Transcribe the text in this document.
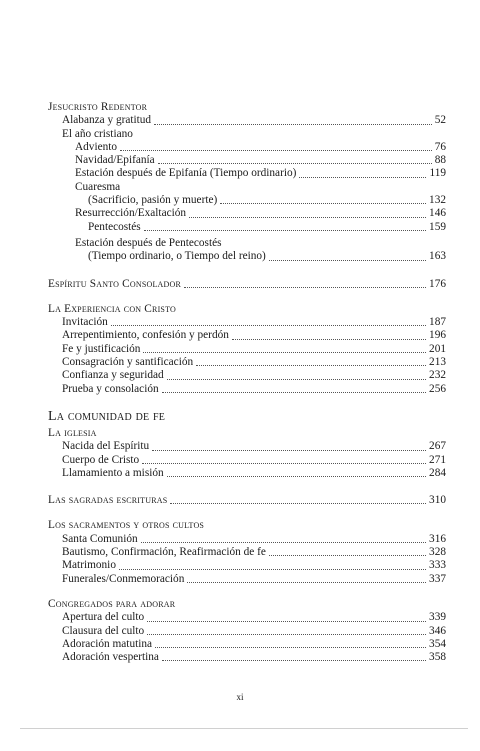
Jesucristo Redentor
Alabanza y gratitud	52
El año cristiano
Adviento	76
Navidad/Epifanía	88
Estación después de Epifanía (Tiempo ordinario)	119
Cuaresma
(Sacrificio, pasión y muerte)	132
Resurrección/Exaltación	146
Pentecostés	159
Estación después de Pentecostés
(Tiempo ordinario, o Tiempo del reino)	163
Espíritu Santo Consolador	176
La Experiencia con Cristo
Invitación	187
Arrepentimiento, confesión y perdón	196
Fe y justificación	201
Consagración y santificación	213
Confianza y seguridad	232
Prueba y consolación	256
La comunidad de fe
La iglesia
Nacida del Espíritu	267
Cuerpo de Cristo	271
Llamamiento a misión	284
Las sagradas escrituras	310
Los sacramentos y otros cultos
Santa Comunión	316
Bautismo, Confirmación, Reafirmación de fe	328
Matrimonio	333
Funerales/Conmemoración	337
Congregados para adorar
Apertura del culto	339
Clausura del culto	346
Adoración matutina	354
Adoración vespertina	358
xi
